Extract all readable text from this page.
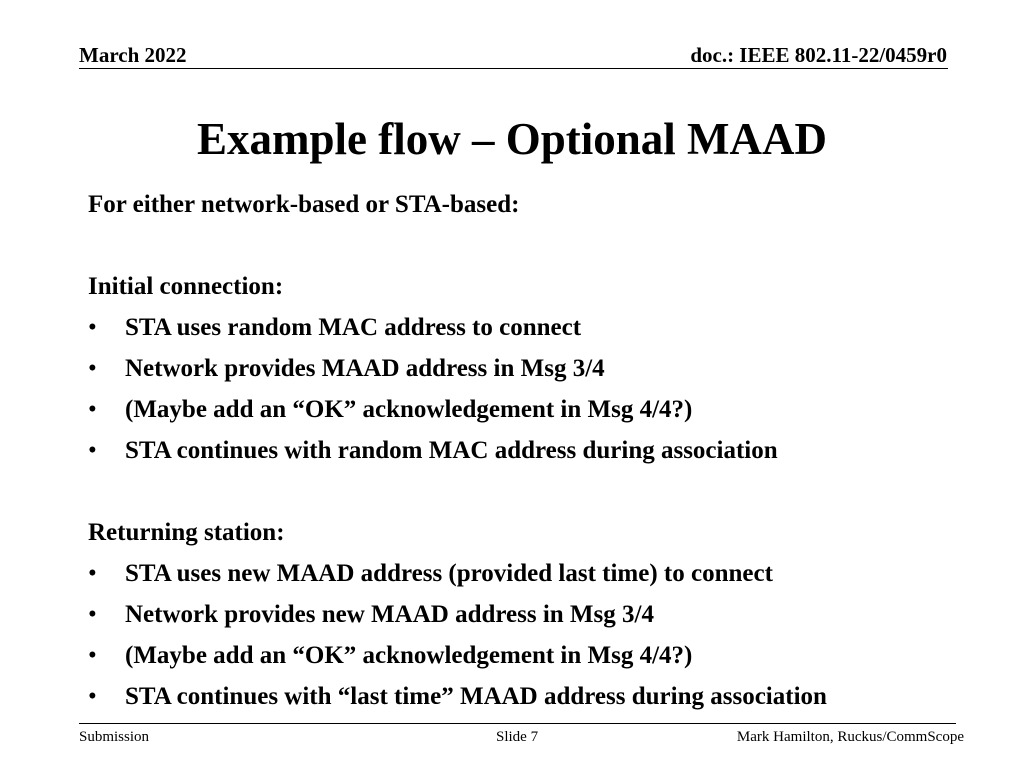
March 2022	doc.: IEEE 802.11-22/0459r0
Example flow – Optional MAAD
For either network-based or STA-based:
Initial connection:
• STA uses random MAC address to connect
• Network provides MAAD address in Msg 3/4
• (Maybe add an “OK” acknowledgement in Msg 4/4?)
• STA continues with random MAC address during association
Returning station:
• STA uses new MAAD address (provided last time) to connect
• Network provides new MAAD address in Msg 3/4
• (Maybe add an “OK” acknowledgement in Msg 4/4?)
• STA continues with “last time” MAAD address during association
Submission	Slide 7	Mark Hamilton, Ruckus/CommScope
